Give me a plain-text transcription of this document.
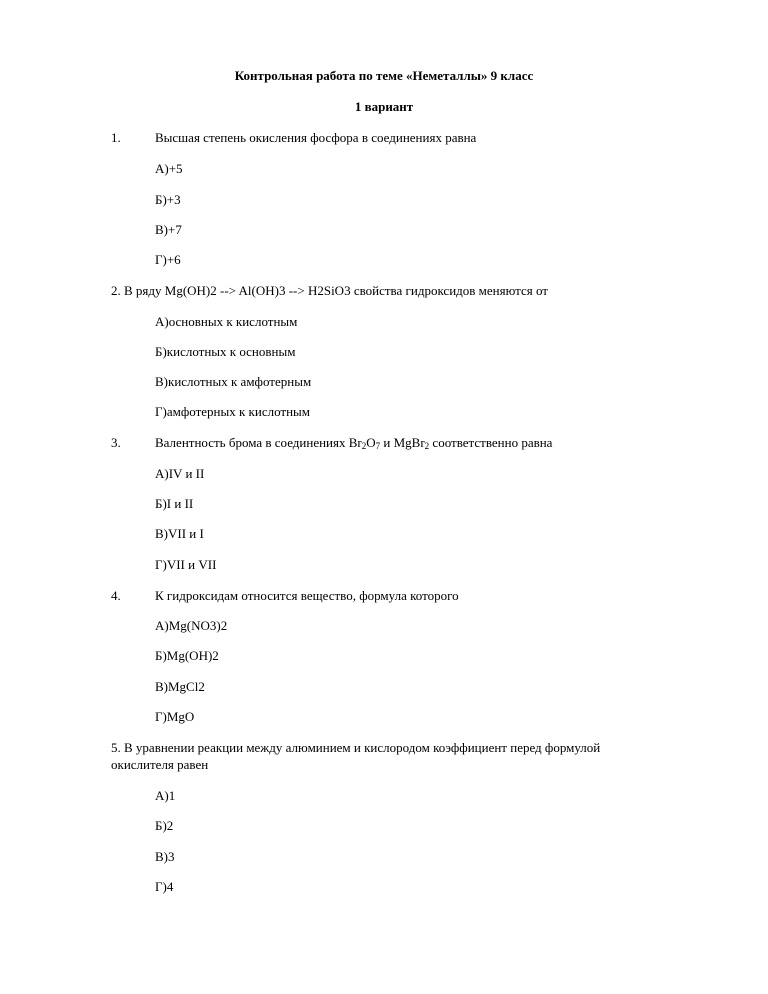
Контрольная работа по теме «Неметаллы» 9 класс
1 вариант
1.	Высшая степень окисления фосфора в соединениях равна
А)+5
Б)+3
В)+7
Г)+6
2. В ряду Mg(OH)2 --> Al(OH)3 --> H2SiO3 свойства гидроксидов меняются от
А)основных к кислотным
Б)кислотных к основным
В)кислотных к амфотерным
Г)амфотерных к кислотным
3.	Валентность брома в соединениях $Br_2O_7$ и MgBr$_2$ соответственно равна
А)IV и II
Б)I и II
В)VII и I
Г)VII и VII
4.	К гидроксидам относится вещество, формула которого
А)Mg(NO3)2
Б)Mg(OH)2
В)MgCl2
Г)MgO
5. В уравнении реакции между алюминием и кислородом коэффициент перед формулой
окислителя равен
А)1
Б)2
В)3
Г)4
